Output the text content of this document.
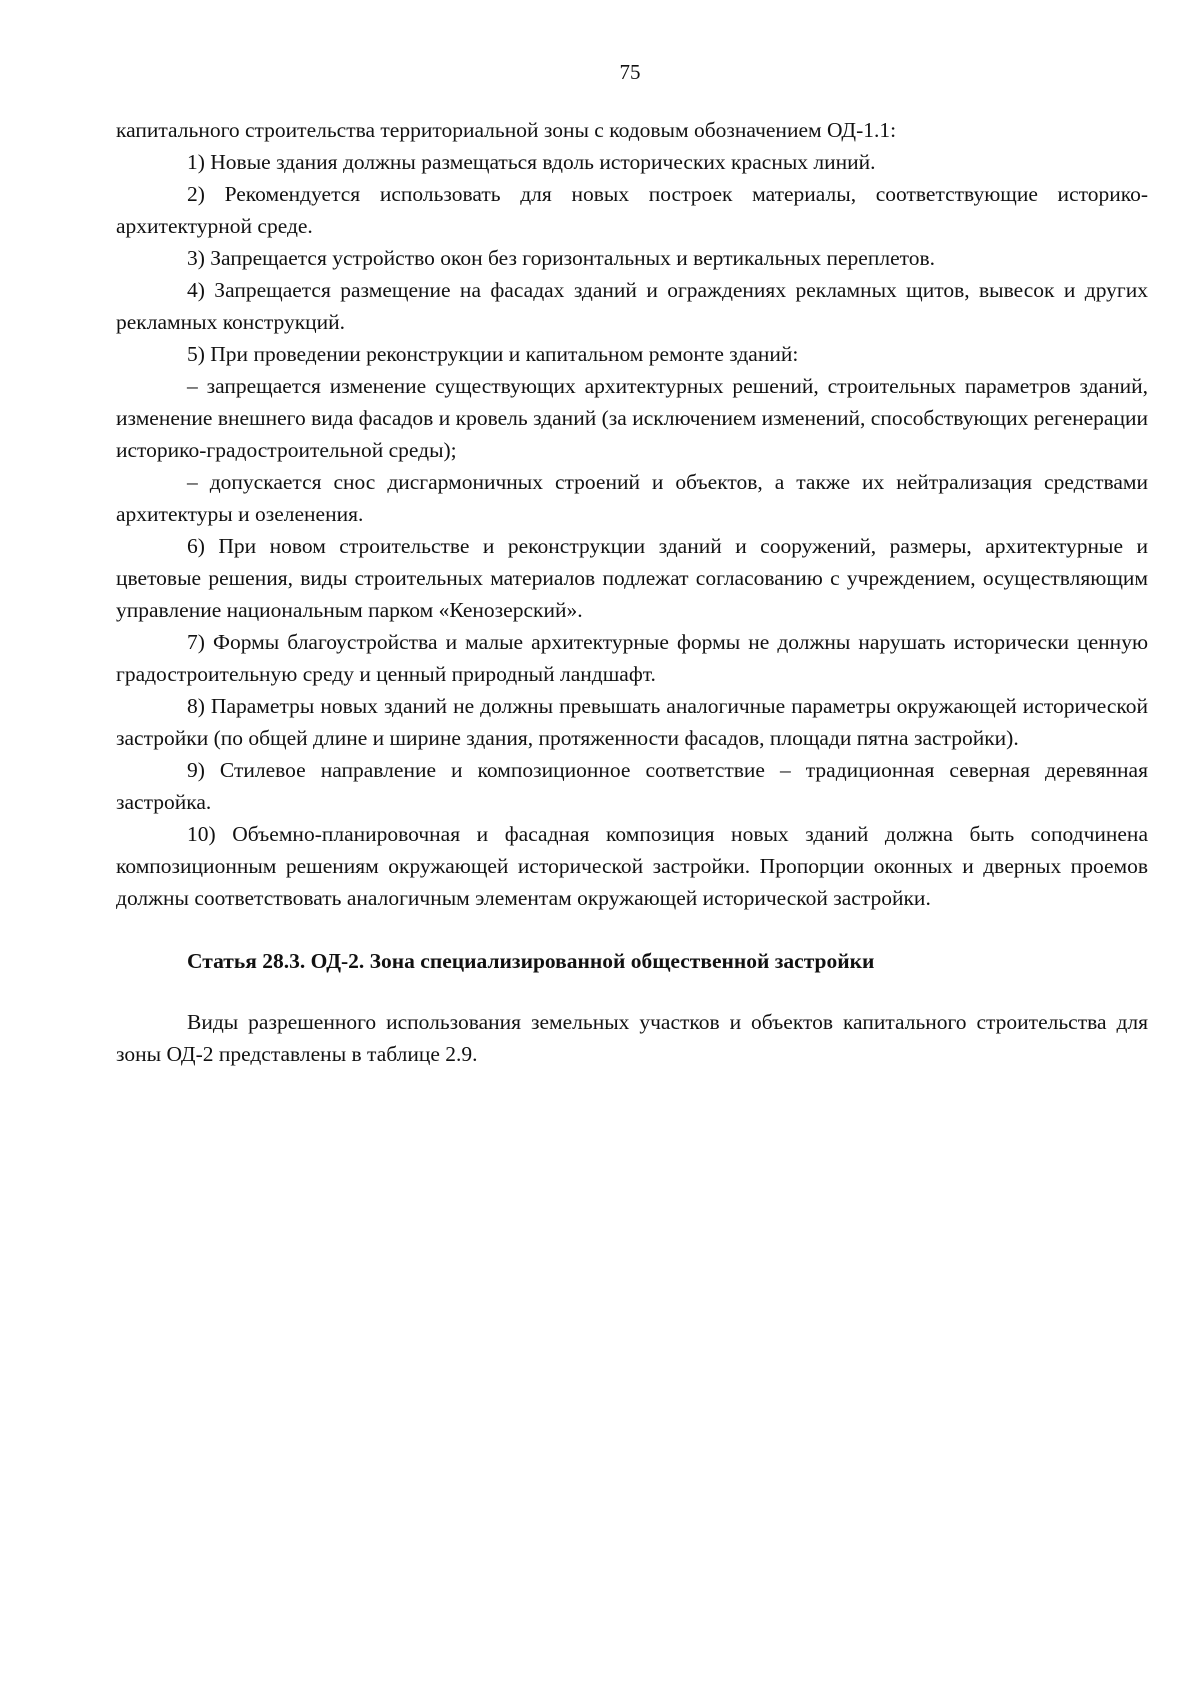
75

капитального строительства территориальной зоны с кодовым обозначением ОД-1.1:

1) Новые здания должны размещаться вдоль исторических красных линий.

2) Рекомендуется использовать для новых построек материалы, соответствующие историко-архитектурной среде.

3) Запрещается устройство окон без горизонтальных и вертикальных переплетов.

4) Запрещается размещение на фасадах зданий и ограждениях рекламных щитов, вывесок и других рекламных конструкций.

5) При проведении реконструкции и капитальном ремонте зданий:

– запрещается изменение существующих архитектурных решений, строительных параметров зданий, изменение внешнего вида фасадов и кровель зданий (за исключением изменений, способствующих регенерации историко-градостроительной среды);

– допускается снос дисгармоничных строений и объектов, а также их нейтрализация средствами архитектуры и озеленения.

6) При новом строительстве и реконструкции зданий и сооружений, размеры, архитектурные и цветовые решения, виды строительных материалов подлежат согласованию с учреждением, осуществляющим управление национальным парком «Кенозерский».

7) Формы благоустройства и малые архитектурные формы не должны нарушать исторически ценную градостроительную среду и ценный природный ландшафт.

8) Параметры новых зданий не должны превышать аналогичные параметры окружающей исторической застройки (по общей длине и ширине здания, протяженности фасадов, площади пятна застройки).

9) Стилевое направление и композиционное соответствие – традиционная северная деревянная застройка.

10) Объемно-планировочная и фасадная композиция новых зданий должна быть соподчинена композиционным решениям окружающей исторической застройки. Пропорции оконных и дверных проемов должны соответствовать аналогичным элементам окружающей исторической застройки.

Статья 28.3. ОД-2. Зона специализированной общественной застройки

Виды разрешенного использования земельных участков и объектов капитального строительства для зоны ОД-2 представлены в таблице 2.9.
